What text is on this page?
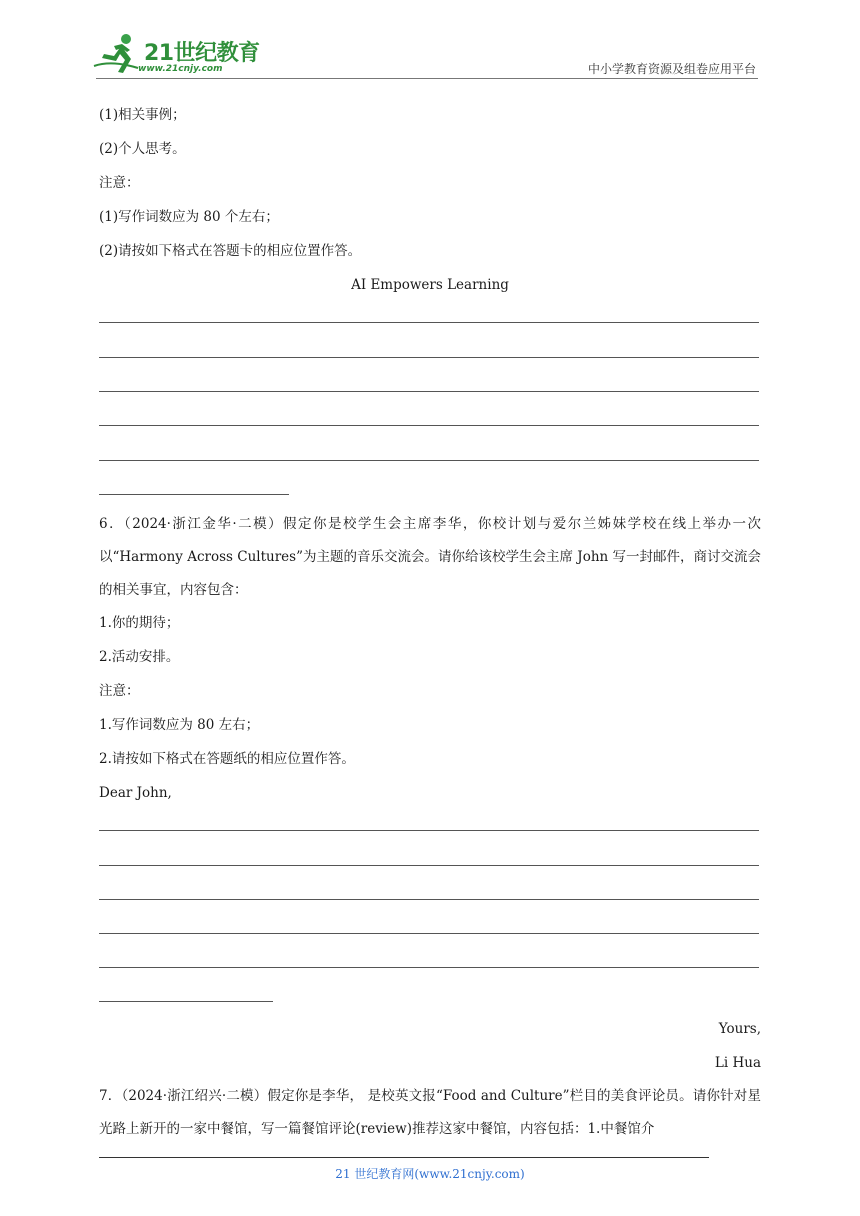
21世纪教育
www.21cnjy.com	中小学教育资源及组卷应用平台
(1)相关事例；
(2)个人思考。
注意：
(1)写作词数应为 80 个左右；
(2)请按如下格式在答题卡的相应位置作答。
AI Empowers Learning
6．（2024·浙江金华·二模）假定你是校学生会主席李华，你校计划与爱尔兰姊妹学校在线上举办一次以“Harmony Across Cultures”为主题的音乐交流会。请你给该校学生会主席 John 写一封邮件，商讨交流会的相关事宜，内容包含：
1.你的期待；
2.活动安排。
注意：
1.写作词数应为 80 左右；
2.请按如下格式在答题纸的相应位置作答。
Dear John,
Yours,
Li Hua
7．（2024·浙江绍兴·二模）假定你是李华， 是校英文报“Food and Culture”栏目的美食评论员。请你针对星光路上新开的一家中餐馆，写一篇餐馆评论(review)推荐这家中餐馆，内容包括：1.中餐馆介
21 世纪教育网(www.21cnjy.com)
